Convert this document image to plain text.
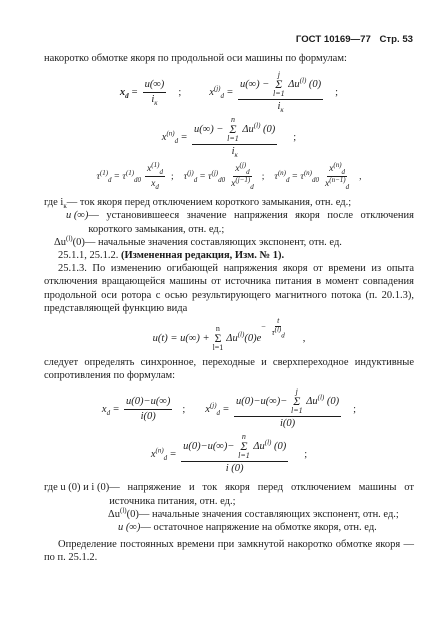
ГОСТ 10169—77 Стр. 53

накоротко обмотке якоря по продольной оси машины по формулам:

$x_d = \frac{u(\infty)}{i_к}$ ;	$x^{(j)}_d = u(\infty)$ −
j
Σ
l=1
$\Delta u^{(l)}$ (0)
$i_к$ ;
$x^{(n)}_d = u(\infty)$ −
n
Σ
l=1
$\Delta u^{(l)}$ (0)
$i_к$ ;
$\tau^{(1)}_d = \tau^{(1)}_{d0} \frac{x^{(1)}_d}{x_d}$ ; $\tau^{(j)}_d = \tau^{(j)}_{d0} \frac{x^{(j)}_d}{x^{(j-1)}_d}$ ; $\tau^{(n)}_d = \tau^{(n)}_{d0} \frac{x^{(n)}_d}{x^{(n-1)}_d}$ ,
где $i_к$ — ток якоря перед отключением короткого замыкания, отн. ед.;
u (∞) — установившееся значение напряжения якоря после отключения короткого замыкания, отн. ед.;
$\Delta u^{(l)}(0)$ — начальные значения составляющих экспонент, отн. ед.

25.1.1, 25.1.2. (Измененная редакция, Изм. № 1).

25.1.3. По изменению огибающей напряжения якоря от времени из опыта отключения вращающейся машины от источника питания в момент совпадения продольной оси ротора с осью результирующего магнитного потока (п. 20.1.3), представляющей функцию вида

u(t) = u(∞) +
n
Σ
l=1
$\Delta u^{(l)}(0)e$
− $\frac{t}{\tau^{(l)}_d}$
,

следует определять синхронное, переходные и сверхпереходное индуктивные сопротивления по формулам:

$x_d = \frac{u(0)-u(\infty)}{i(0)}$ ; $x^{(j)}_d = u(0)-u(\infty)-$
j
Σ
l=1
$\Delta u^{(l)}$ (0)
i(0) ;
$x^{(n)}_d = u(0)-u(\infty)-$
n
Σ
l=1
$\Delta u^{(l)}$ (0)
i (0) ;
где u (0) и i (0) — напряжение и ток якоря перед отключением машины от источника питания, отн. ед.;
$\Delta u^{(l)}(0)$ — начальные значения составляющих экспонент, отн. ед.;
u (∞) — остаточное напряжение на обмотке якоря, отн. ед.

Определение постоянных времени при замкнутой накоротко обмотке якоря — по п. 25.1.2.
